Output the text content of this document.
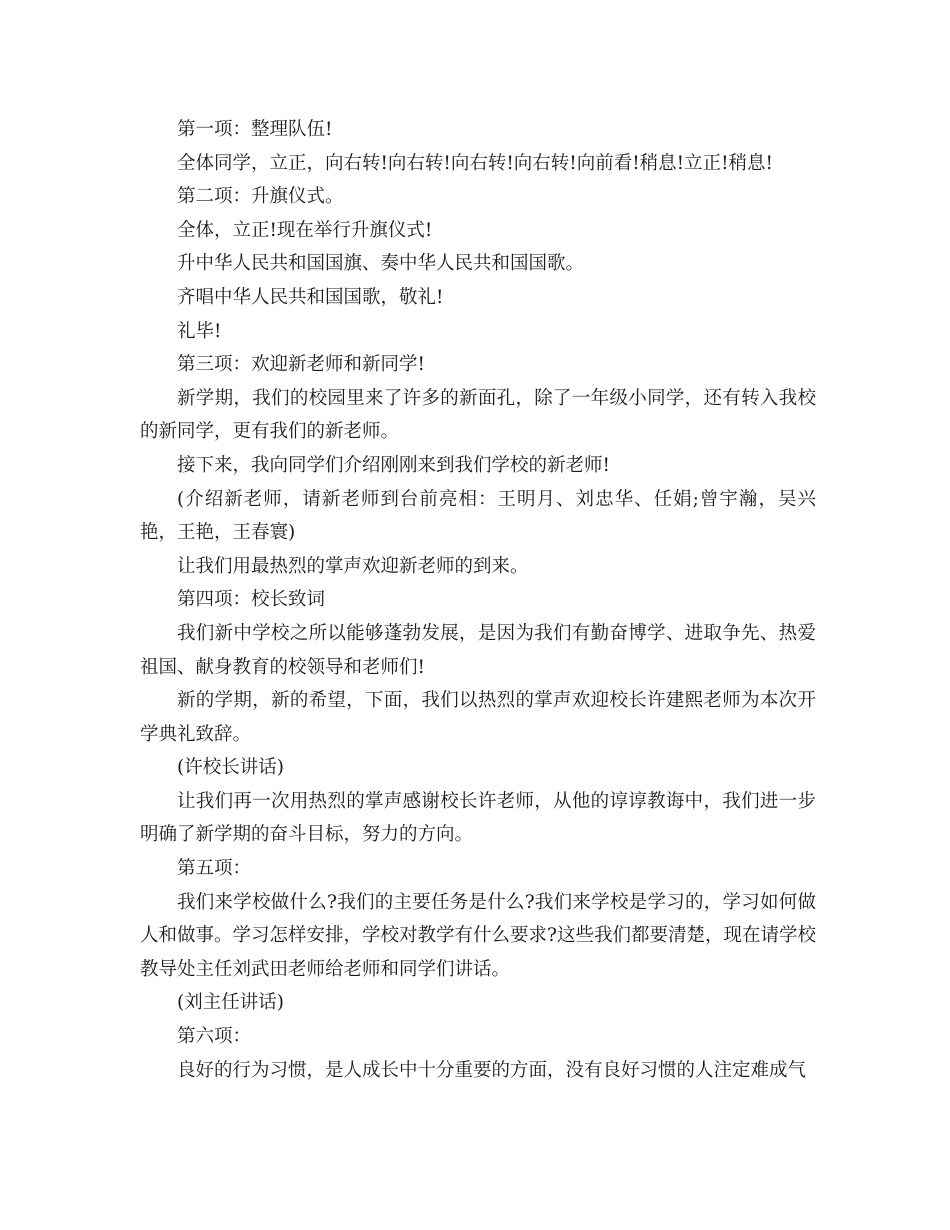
第一项：整理队伍!

全体同学，立正，向右转!向右转!向右转!向右转!向前看!稍息!立正!稍息!

第二项：升旗仪式。

全体，立正!现在举行升旗仪式!

升中华人民共和国国旗、奏中华人民共和国国歌。

齐唱中华人民共和国国歌，敬礼!

礼毕!

第三项：欢迎新老师和新同学!

新学期，我们的校园里来了许多的新面孔，除了一年级小同学，还有转入我校的新同学，更有我们的新老师。

接下来，我向同学们介绍刚刚来到我们学校的新老师!

(介绍新老师，请新老师到台前亮相：王明月、刘忠华、任娟;曾宇瀚，吴兴艳，王艳，王春寰)

让我们用最热烈的掌声欢迎新老师的到来。

第四项：校长致词

我们新中学校之所以能够蓬勃发展，是因为我们有勤奋博学、进取争先、热爱祖国、献身教育的校领导和老师们!

新的学期，新的希望，下面，我们以热烈的掌声欢迎校长许建熙老师为本次开学典礼致辞。

(许校长讲话)

让我们再一次用热烈的掌声感谢校长许老师，从他的谆谆教诲中，我们进一步明确了新学期的奋斗目标，努力的方向。

第五项：

我们来学校做什么?我们的主要任务是什么?我们来学校是学习的，学习如何做人和做事。学习怎样安排，学校对教学有什么要求?这些我们都要清楚，现在请学校教导处主任刘武田老师给老师和同学们讲话。

(刘主任讲话)

第六项：

良好的行为习惯，是人成长中十分重要的方面，没有良好习惯的人注定难成气
